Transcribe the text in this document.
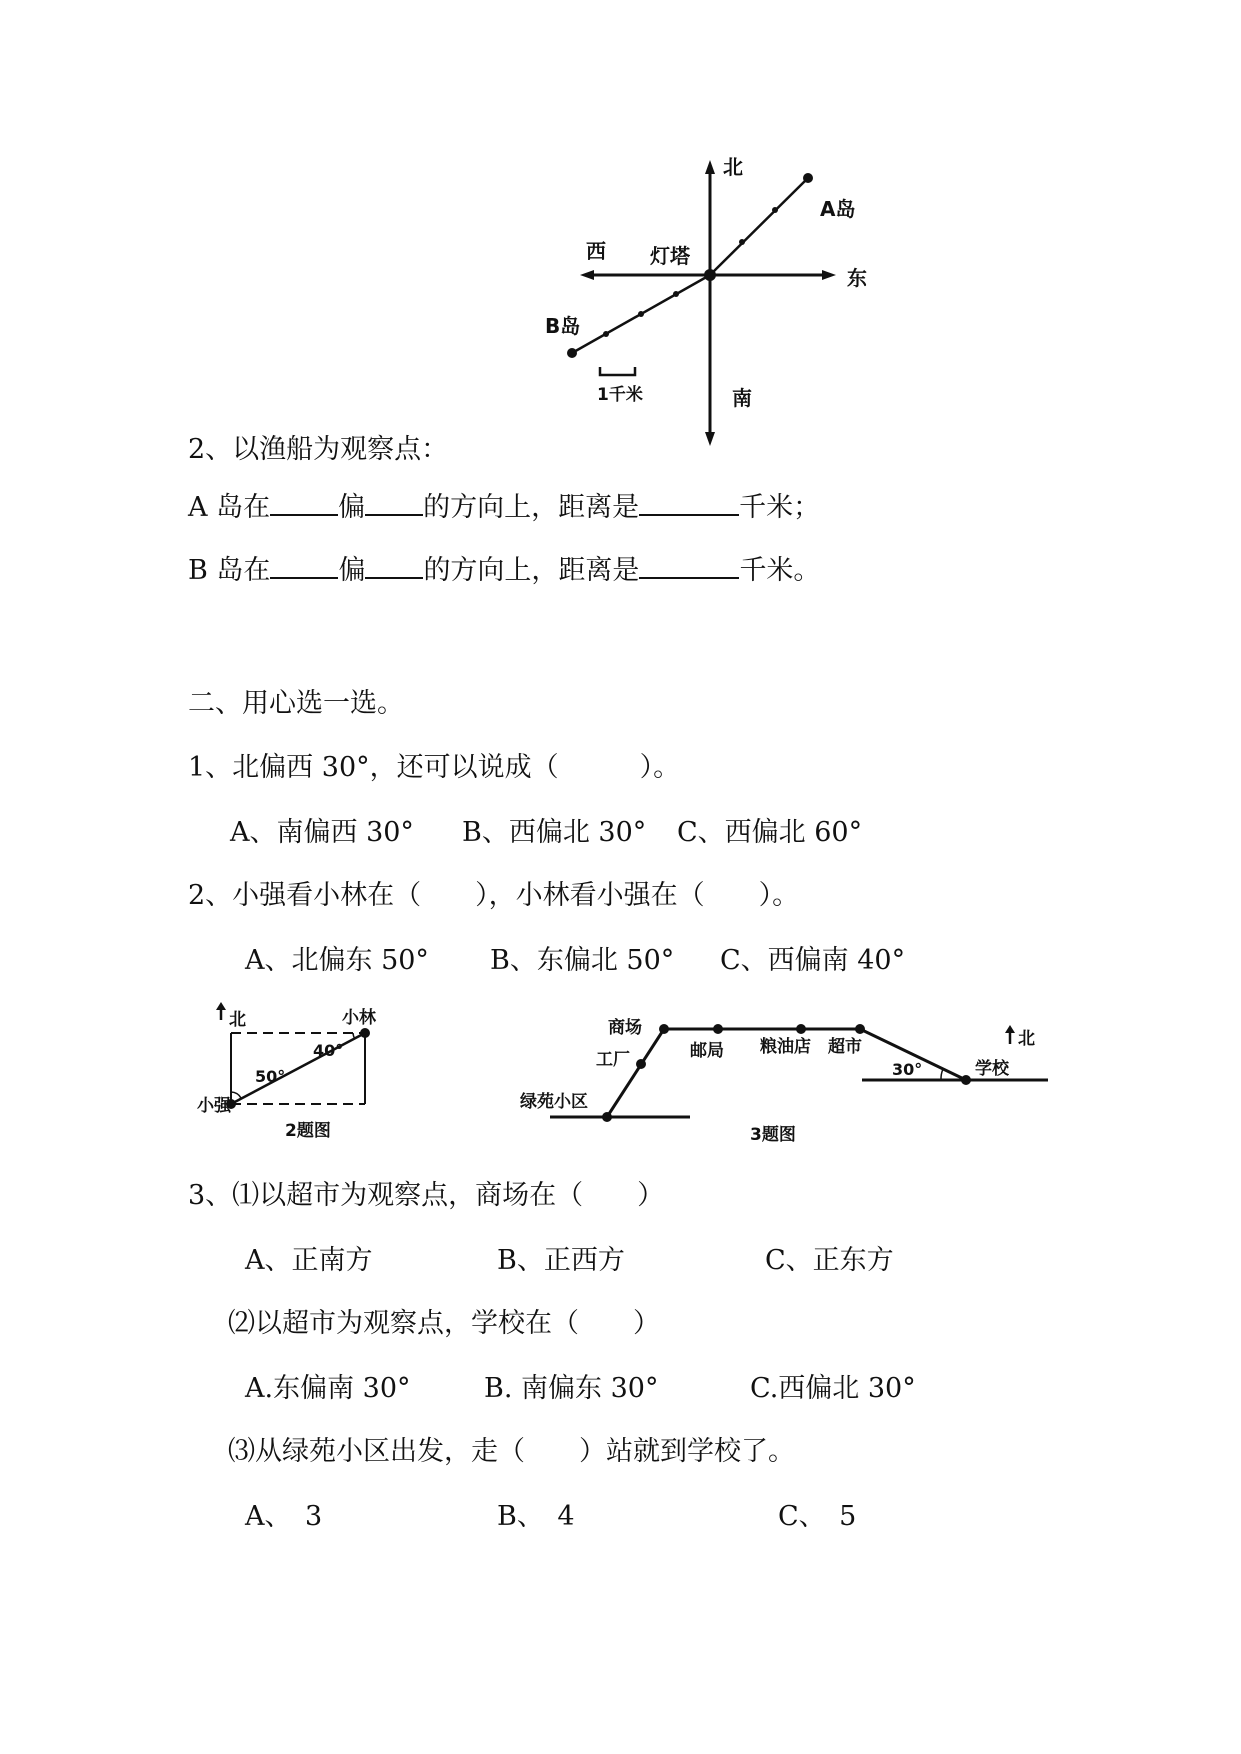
北
南
东
西 灯塔
A岛
B岛
1千米
2、以渔船为观察点：
A 岛在	偏 的方向上，距离是	千米；
B 岛在	偏 的方向上，距离是	千米。
二、用心选一选。
1、北偏西 30°，还可以说成（　　　）。
A、南偏西 30° B、西偏北 30° C、西偏北 60°
2、小强看小林在（　　），小林看小强在（　　）。
A、北偏东 50° B、东偏北 50° C、西偏南 40°
北	小林
小强
40°
50°
2题图
商场
邮局 粮油店 超市
工厂
绿苑小区
学校
30°
北
3题图
3、⑴以超市为观察点，商场在（　　）
A、正南方	B、正西方	C、正东方
⑵以超市为观察点，学校在（　　）
A.东偏南 30°	B. 南偏东 30°	C.西偏北 30°
⑶从绿苑小区出发，走（　　）站就到学校了。
A、　3	B、　4	C、　5
